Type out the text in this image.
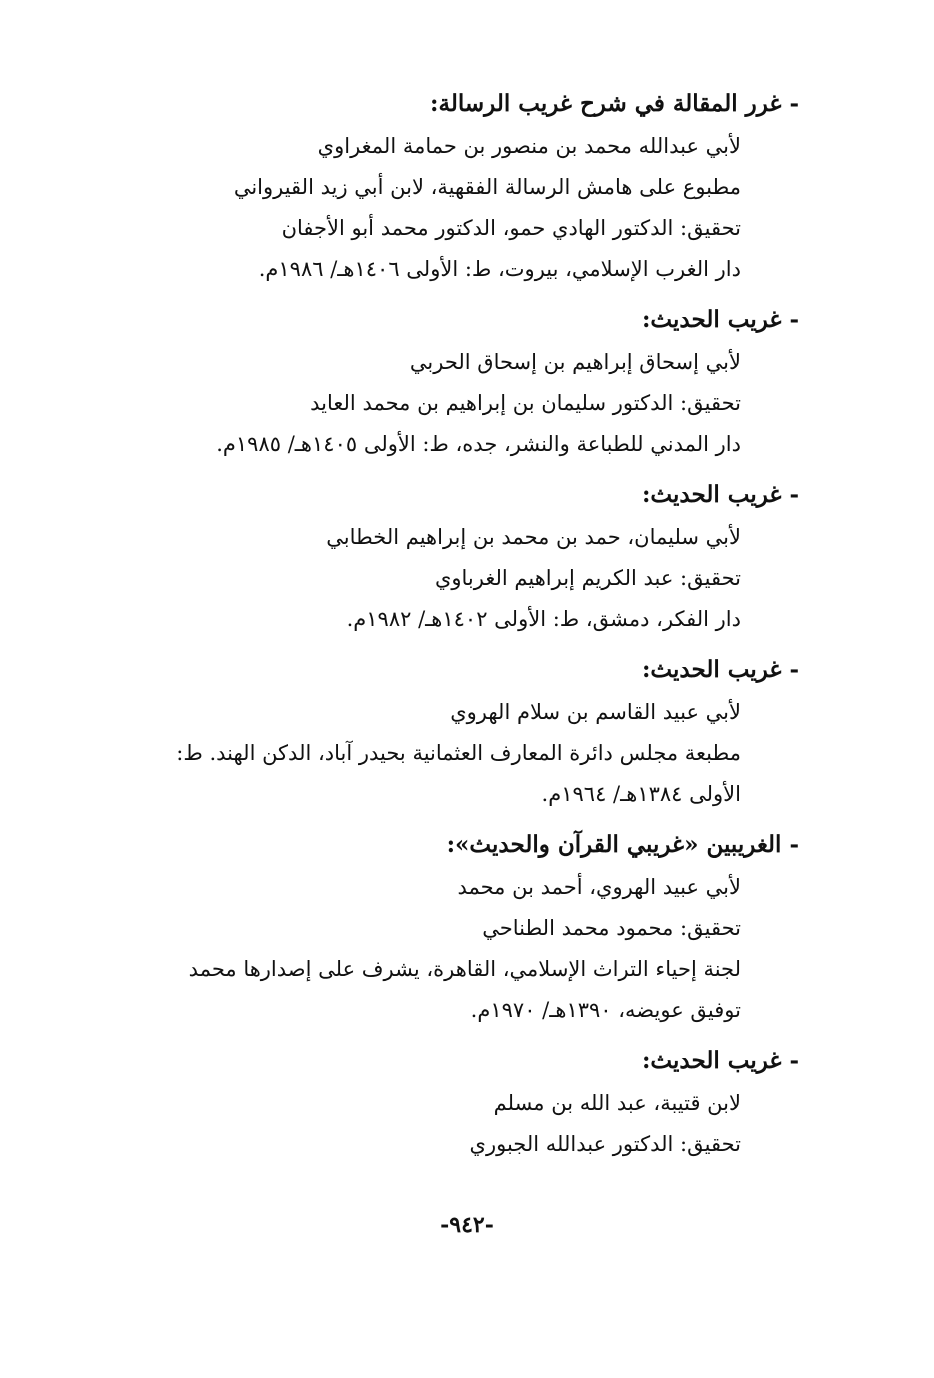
-غرر المقالة في شرح غريب الرسالة:
لأبي عبدالله محمد بن منصور بن حمامة المغراوي
مطبوع على هامش الرسالة الفقهية، لابن أبي زيد القيرواني
تحقيق: الدكتور الهادي حمو، الدكتور محمد أبو الأجفان
دار الغرب الإسلامي، بيروت، ط: الأولى ١٤٠٦هـ/ ١٩٨٦م.
-غريب الحديث:
لأبي إسحاق إبراهيم بن إسحاق الحربي
تحقيق: الدكتور سليمان بن إبراهيم بن محمد العايد
دار المدني للطباعة والنشر، جده، ط: الأولى ١٤٠٥هـ/ ١٩٨٥م.
-غريب الحديث:
لأبي سليمان، حمد بن محمد بن إبراهيم الخطابي
تحقيق: عبد الكريم إبراهيم الغرباوي
دار الفكر، دمشق، ط: الأولى ١٤٠٢هـ/ ١٩٨٢م.
-غريب الحديث:
لأبي عبيد القاسم بن سلام الهروي
مطبعة مجلس دائرة المعارف العثمانية بحيدر آباد، الدكن الهند. ط:
الأولى ١٣٨٤هـ/ ١٩٦٤م.
-الغريبين «غريبي القرآن والحديث»:
لأبي عبيد الهروي، أحمد بن محمد
تحقيق: محمود محمد الطناحي
لجنة إحياء التراث الإسلامي، القاهرة، يشرف على إصدارها محمد
توفيق عويضه، ١٣٩٠هـ/ ١٩٧٠م.
-غريب الحديث:
لابن قتيبة، عبد الله بن مسلم
تحقيق: الدكتور عبدالله الجبوري
-٩٤٢-
